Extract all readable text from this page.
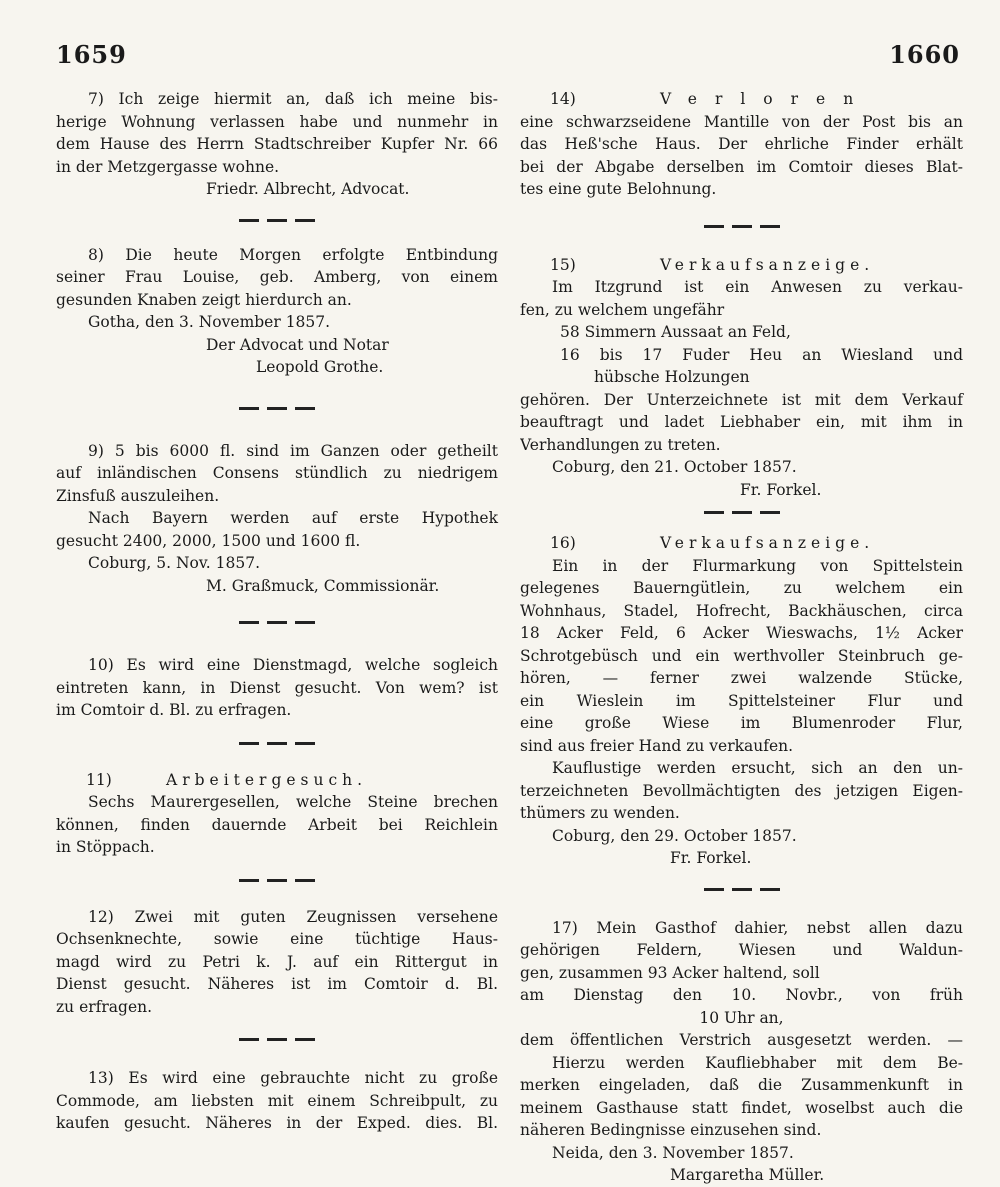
1659	1660
7) Ich zeige hiermit an, daß ich meine bis-
herige Wohnung verlassen habe und nunmehr in
dem Hause des Herrn Stadtschreiber Kupfer Nr. 66
in der Metzgergasse wohne.
Friedr. Albrecht, Advocat.
8) Die heute Morgen erfolgte Entbindung
seiner Frau Louise, geb. Amberg, von einem
gesunden Knaben zeigt hierdurch an.
Gotha, den 3. November 1857.
Der Advocat und Notar
Leopold Grothe.
9) 5 bis 6000 fl. sind im Ganzen oder getheilt
auf inländischen Consens stündlich zu niedrigem
Zinsfuß auszuleihen.
Nach Bayern werden auf erste Hypothek
gesucht 2400, 2000, 1500 und 1600 fl.
Coburg, 5. Nov. 1857.
M. Graßmuck, Commissionär.
10) Es wird eine Dienstmagd, welche sogleich
eintreten kann, in Dienst gesucht. Von wem? ist
im Comtoir d. Bl. zu erfragen.
11)	Arbeitergesuch.
Sechs Maurergesellen, welche Steine brechen
können, finden dauernde Arbeit bei Reichlein
in Stöppach.
12) Zwei mit guten Zeugnissen versehene
Ochsenknechte, sowie eine tüchtige Haus-
magd wird zu Petri k. J. auf ein Rittergut in
Dienst gesucht. Näheres ist im Comtoir d. Bl.
zu erfragen.
13) Es wird eine gebrauchte nicht zu große
Commode, am liebsten mit einem Schreibpult, zu
kaufen gesucht. Näheres in der Exped. dies. Bl.
14)	Verloren
eine schwarzseidene Mantille von der Post bis an
das Heß'sche Haus. Der ehrliche Finder erhält
bei der Abgabe derselben im Comtoir dieses Blat-
tes eine gute Belohnung.
15)	Verkaufsanzeige.
Im Itzgrund ist ein Anwesen zu verkau-
fen, zu welchem ungefähr
58 Simmern Aussaat an Feld,
16 bis 17 Fuder Heu an Wiesland und
hübsche Holzungen
gehören. Der Unterzeichnete ist mit dem Verkauf
beauftragt und ladet Liebhaber ein, mit ihm in
Verhandlungen zu treten.
Coburg, den 21. October 1857.
Fr. Forkel.
16)	Verkaufsanzeige.
Ein in der Flurmarkung von Spittelstein
gelegenes Bauerngütlein, zu welchem ein
Wohnhaus, Stadel, Hofrecht, Backhäuschen, circa
18 Acker Feld, 6 Acker Wieswachs, 1½ Acker
Schrotgebüsch und ein werthvoller Steinbruch ge-
hören, — ferner zwei walzende Stücke,
ein Wieslein im Spittelsteiner Flur und
eine große Wiese im Blumenroder Flur,
sind aus freier Hand zu verkaufen.
Kauflustige werden ersucht, sich an den un-
terzeichneten Bevollmächtigten des jetzigen Eigen-
thümers zu wenden.
Coburg, den 29. October 1857.
Fr. Forkel.
17) Mein Gasthof dahier, nebst allen dazu
gehörigen Feldern, Wiesen und Waldun-
gen, zusammen 93 Acker haltend, soll
am Dienstag den 10. Novbr., von früh
10 Uhr an,
dem öffentlichen Verstrich ausgesetzt werden. —
Hierzu werden Kaufliebhaber mit dem Be-
merken eingeladen, daß die Zusammenkunft in
meinem Gasthause statt findet, woselbst auch die
näheren Bedingnisse einzusehen sind.
Neida, den 3. November 1857.
Margaretha Müller.
